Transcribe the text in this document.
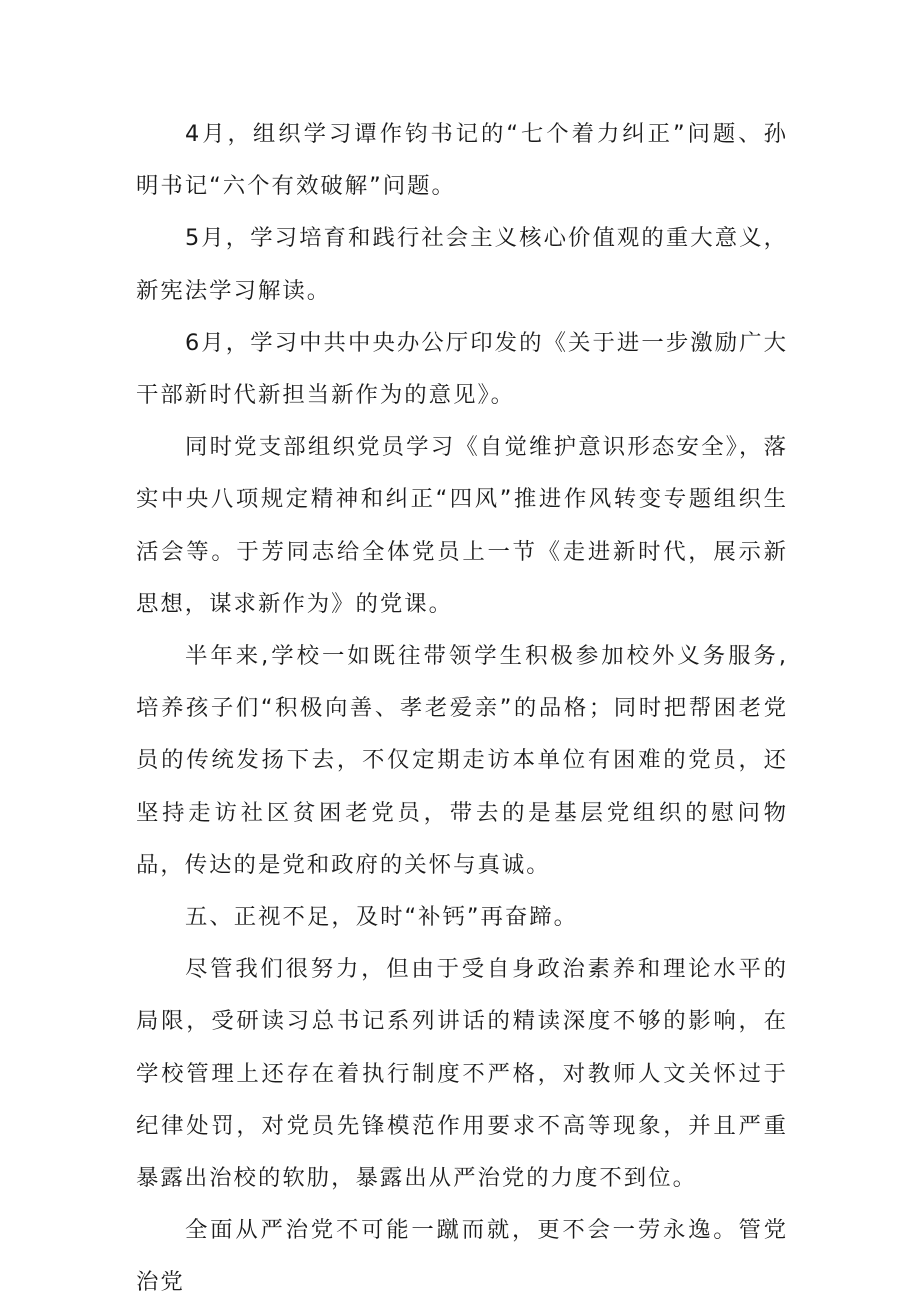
4月，组织学习谭作钧书记的“七个着力纠正”问题、孙明书记“六个有效破解”问题。

5月，学习培育和践行社会主义核心价值观的重大意义，新宪法学习解读。

6月，学习中共中央办公厅印发的《关于进一步激励广大干部新时代新担当新作为的意见》。

同时党支部组织党员学习《自觉维护意识形态安全》，落实中央八项规定精神和纠正“四风”推进作风转变专题组织生活会等。于芳同志给全体党员上一节《走进新时代，展示新思想，谋求新作为》的党课。

半年来,学校一如既往带领学生积极参加校外义务服务,培养孩子们“积极向善、孝老爱亲”的品格；同时把帮困老党员的传统发扬下去，不仅定期走访本单位有困难的党员，还坚持走访社区贫困老党员，带去的是基层党组织的慰问物品，传达的是党和政府的关怀与真诚。

五、正视不足，及时“补钙”再奋蹄。

尽管我们很努力，但由于受自身政治素养和理论水平的局限，受研读习总书记系列讲话的精读深度不够的影响，在学校管理上还存在着执行制度不严格，对教师人文关怀过于纪律处罚，对党员先锋模范作用要求不高等现象，并且严重暴露出治校的软肋，暴露出从严治党的力度不到位。

全面从严治党不可能一蹴而就，更不会一劳永逸。管党治党
